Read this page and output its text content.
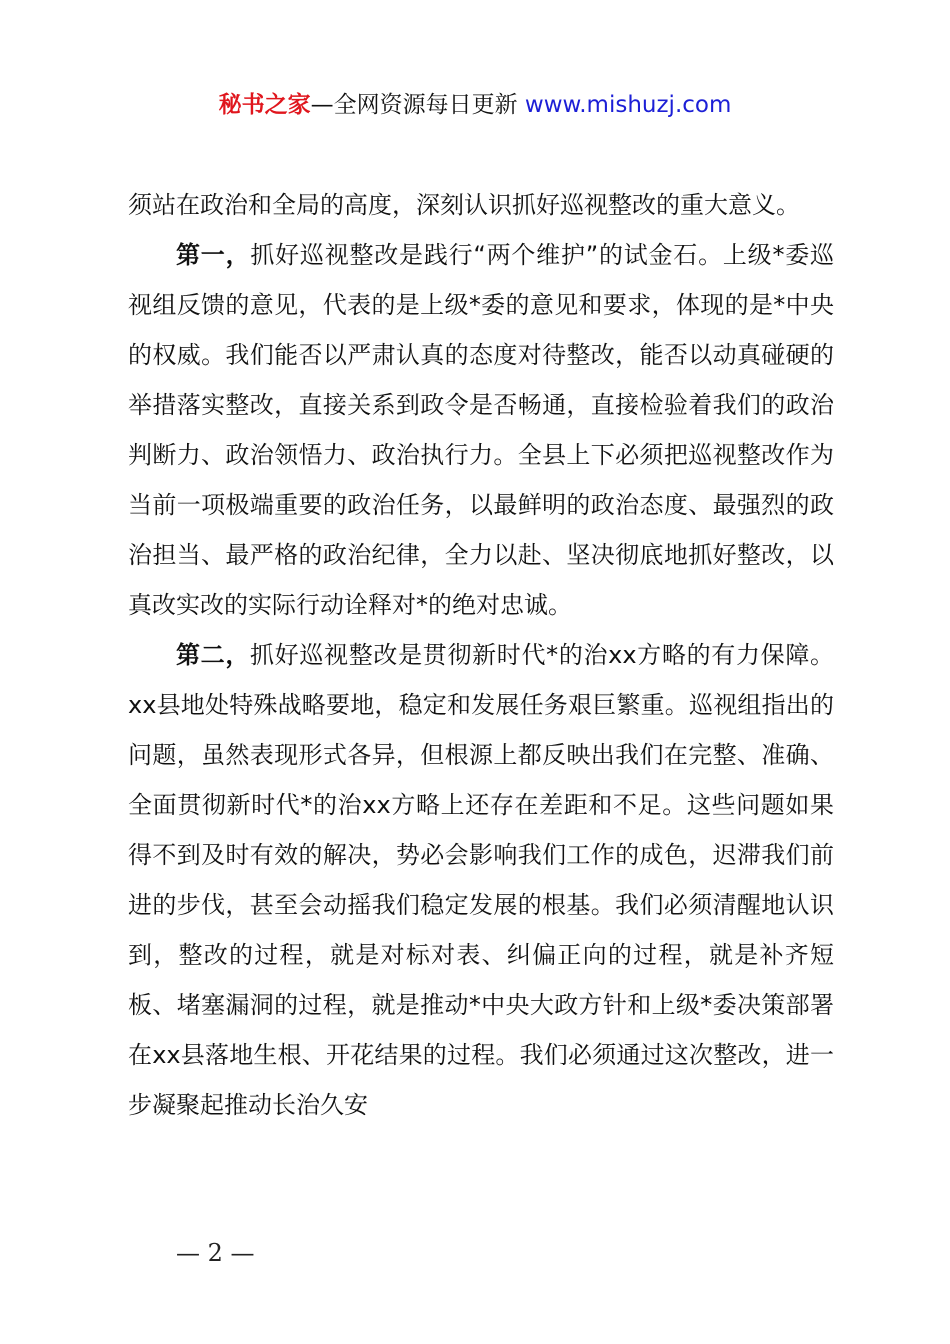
秘书之家—全网资源每日更新 www.mishuzj.com

须站在政治和全局的高度，深刻认识抓好巡视整改的重大意义。

第一，抓好巡视整改是践行“两个维护”的试金石。上级*委巡视组反馈的意见，代表的是上级*委的意见和要求，体现的是*中央的权威。我们能否以严肃认真的态度对待整改，能否以动真碰硬的举措落实整改，直接关系到政令是否畅通，直接检验着我们的政治判断力、政治领悟力、政治执行力。全县上下必须把巡视整改作为当前一项极端重要的政治任务，以最鲜明的政治态度、最强烈的政治担当、最严格的政治纪律，全力以赴、坚决彻底地抓好整改，以真改实改的实际行动诠释对*的绝对忠诚。

第二，抓好巡视整改是贯彻新时代*的治xx方略的有力保障。xx县地处特殊战略要地，稳定和发展任务艰巨繁重。巡视组指出的问题，虽然表现形式各异，但根源上都反映出我们在完整、准确、全面贯彻新时代*的治xx方略上还存在差距和不足。这些问题如果得不到及时有效的解决，势必会影响我们工作的成色，迟滞我们前进的步伐，甚至会动摇我们稳定发展的根基。我们必须清醒地认识到，整改的过程，就是对标对表、纠偏正向的过程，就是补齐短板、堵塞漏洞的过程，就是推动*中央大政方针和上级*委决策部署在xx县落地生根、开花结果的过程。我们必须通过这次整改，进一步凝聚起推动长治久安

— 2 —
